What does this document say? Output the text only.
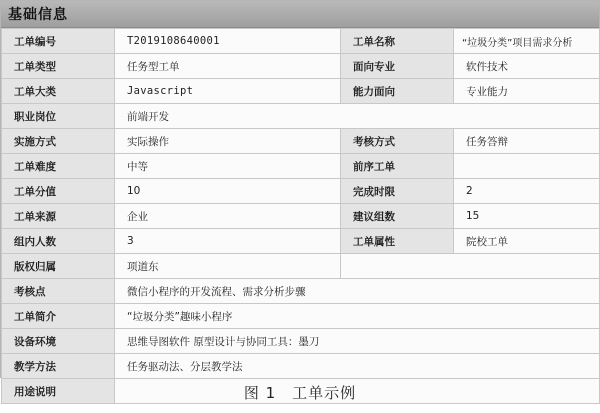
基础信息
工单编号	T2019108640001	工单名称	“垃圾分类”项目需求分析
工单类型	任务型工单	面向专业	软件技术
工单大类	Javascript	能力面向	专业能力
职业岗位	前端开发		
实施方式	实际操作	考核方式	任务答辩
工单难度	中等	前序工单	
工单分值	10	完成时限	2
工单来源	企业	建议组数	15
组内人数	3	工单属性	院校工单
版权归属	项道东		
考核点	微信小程序的开发流程、需求分析步骤		
工单简介	“垃圾分类”趣味小程序		
设备环境	思维导图软件 原型设计与协同工具：墨刀		
教学方法	任务驱动法、分层教学法		
用途说明				图 1　工单示例
